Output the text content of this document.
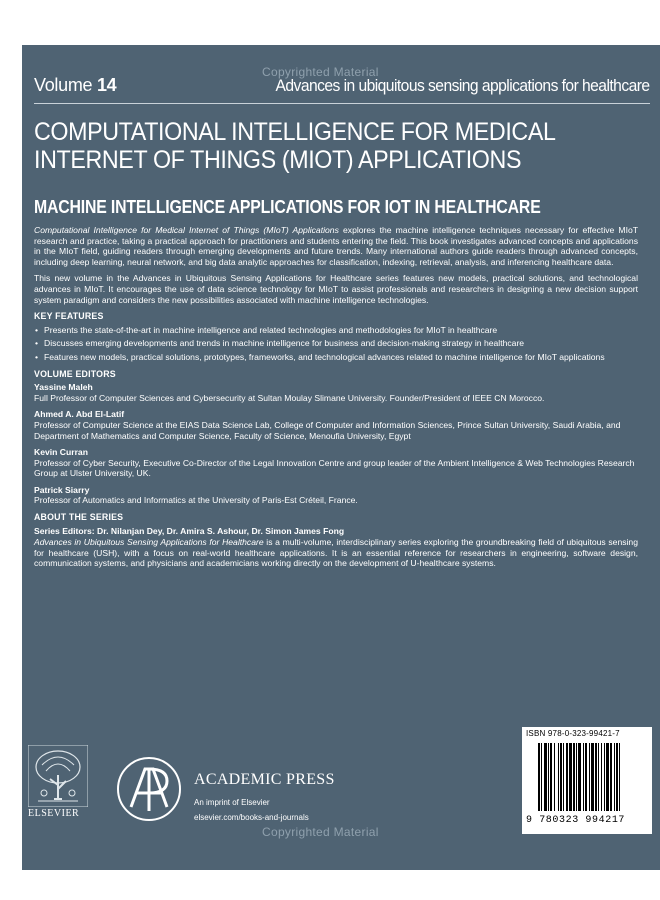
Copyrighted Material
Volume 14	Advances in ubiquitous sensing applications for healthcare
COMPUTATIONAL INTELLIGENCE FOR MEDICAL INTERNET OF THINGS (MIOT) APPLICATIONS
MACHINE INTELLIGENCE APPLICATIONS FOR IOT IN HEALTHCARE

Computational Intelligence for Medical Internet of Things (MIoT) Applications explores the machine intelligence techniques necessary for effective MIoT research and practice, taking a practical approach for practitioners and students entering the field. This book investigates advanced concepts and applications in the MIoT field, guiding readers through emerging developments and future trends. Many international authors guide readers through advanced concepts, including deep learning, neural network, and big data analytic approaches for classification, indexing, retrieval, analysis, and inferencing healthcare data.

This new volume in the Advances in Ubiquitous Sensing Applications for Healthcare series features new models, practical solutions, and technological advances in MIoT. It encourages the use of data science technology for MIoT to assist professionals and researchers in designing a new decision support system paradigm and considers the new possibilities associated with machine intelligence technologies.

KEY FEATURES
• Presents the state-of-the-art in machine intelligence and related technologies and methodologies for MIoT in healthcare
• Discusses emerging developments and trends in machine intelligence for business and decision-making strategy in healthcare
• Features new models, practical solutions, prototypes, frameworks, and technological advances related to machine intelligence for MIoT applications
VOLUME EDITORS
Yassine Maleh
Full Professor of Computer Sciences and Cybersecurity at Sultan Moulay Slimane University. Founder/President of IEEE CN Morocco.
Ahmed A. Abd El-Latif
Professor of Computer Science at the EIAS Data Science Lab, College of Computer and Information Sciences, Prince Sultan University, Saudi Arabia, and Department of Mathematics and Computer Science, Faculty of Science, Menoufia University, Egypt
Kevin Curran
Professor of Cyber Security, Executive Co-Director of the Legal Innovation Centre and group leader of the Ambient Intelligence & Web Technologies Research Group at Ulster University, UK.
Patrick Siarry
Professor of Automatics and Informatics at the University of Paris-Est Créteil, France.
ABOUT THE SERIES
Series Editors: Dr. Nilanjan Dey, Dr. Amira S. Ashour, Dr. Simon James Fong

Advances in Ubiquitous Sensing Applications for Healthcare is a multi-volume, interdisciplinary series exploring the groundbreaking field of ubiquitous sensing for healthcare (USH), with a focus on real-world healthcare applications. It is an essential reference for researchers in engineering, software design, communication systems, and physicians and academicians working directly on the development of U-healthcare systems.

ELSEVIER
ACADEMIC PRESS
An imprint of Elsevier
elsevier.com/books-and-journals
Copyrighted Material
ISBN 978-0-323-99421-7
9 780323 994217
